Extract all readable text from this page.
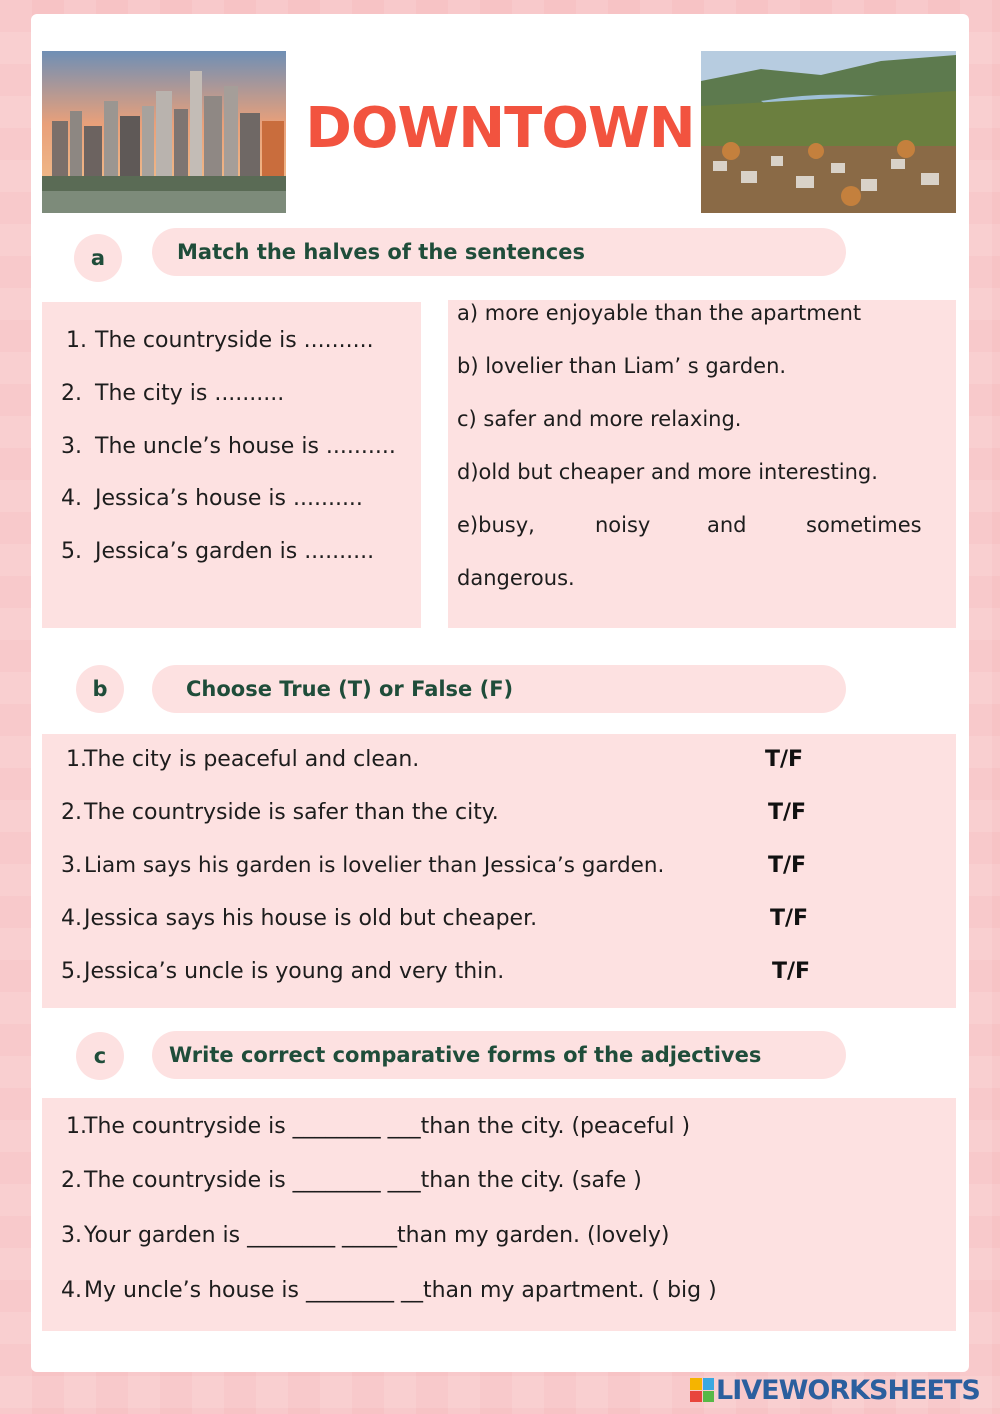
DOWNTOWN
a	Match the halves of the sentences
1. The countryside is ..........
2. The city is ..........
3. The uncle’s house is ..........
4. Jessica’s house is ..........
5. Jessica’s garden is ..........
a) more enjoyable than the apartment
b) lovelier than Liam’ s garden.
c) safer and more relaxing.
d)old but cheaper and more interesting.
e)busy,	noisy	and	sometimes
dangerous.
b	Choose True (T) or False (F)
1.
The city is peaceful and clean.	T/F
2. The countryside is safer than the city.	T/F
3. Liam says his garden is lovelier than Jessica’s garden.	T/F
4. Jessica says his house is old but cheaper.	T/F
5. Jessica’s uncle is young and very thin.	T/F
c	Write correct comparative forms of the adjectives
1.
The countryside is ________ ___than the city. (peaceful )
2. The countryside is ________ ___than the city. (safe )
3. Your garden is ________ _____than my garden. (lovely)
4. My uncle’s house is ________ __than my apartment. ( big )
LIVEWORKSHEETS
